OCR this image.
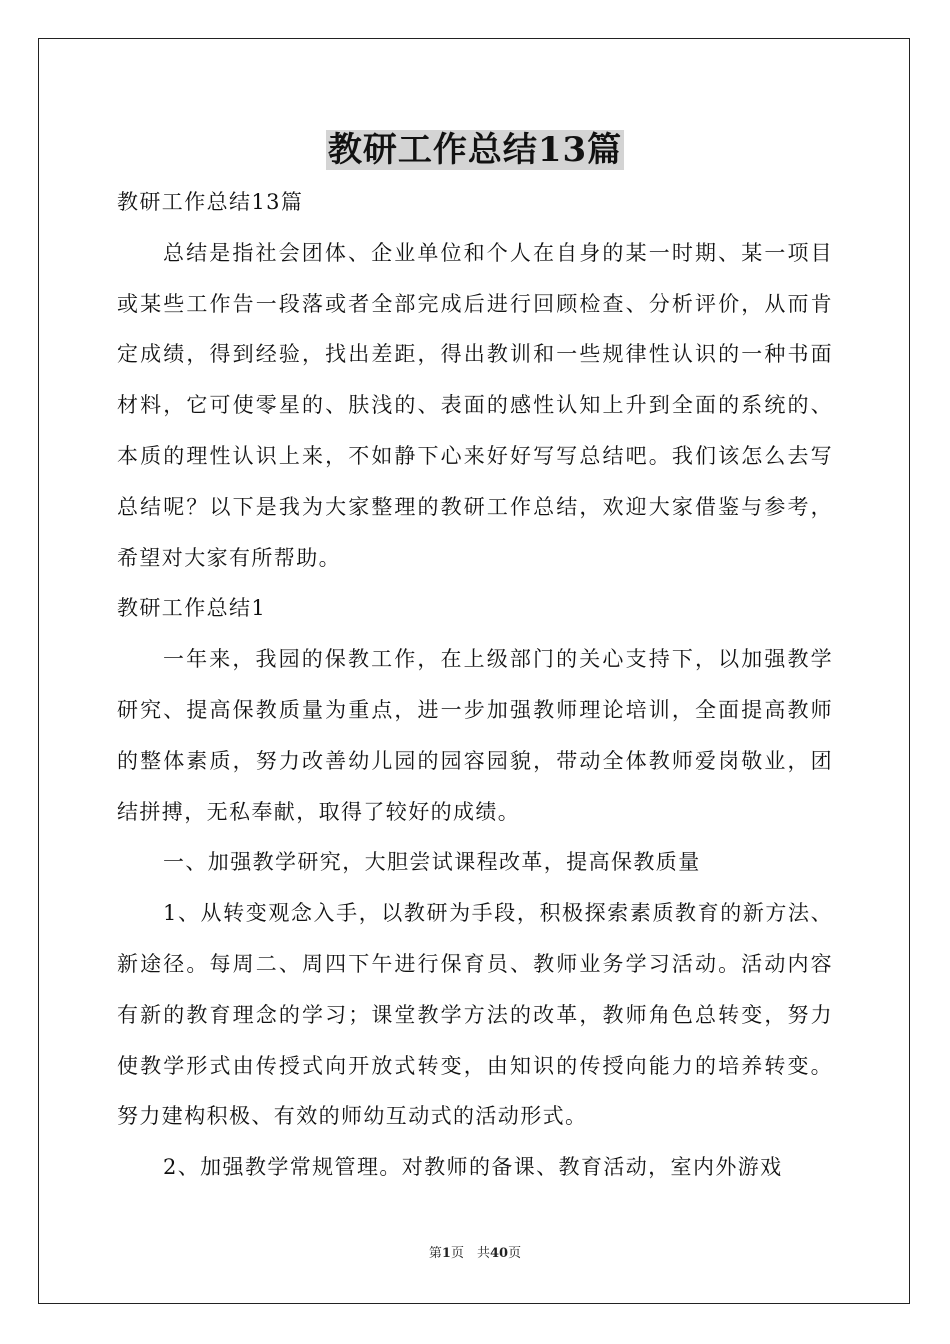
教研工作总结13篇

教研工作总结13篇

总结是指社会团体、企业单位和个人在自身的某一时期、某一项目或某些工作告一段落或者全部完成后进行回顾检查、分析评价，从而肯定成绩，得到经验，找出差距，得出教训和一些规律性认识的一种书面材料，它可使零星的、肤浅的、表面的感性认知上升到全面的系统的、本质的理性认识上来，不如静下心来好好写写总结吧。我们该怎么去写总结呢？以下是我为大家整理的教研工作总结，欢迎大家借鉴与参考，希望对大家有所帮助。

教研工作总结1

一年来，我园的保教工作，在上级部门的关心支持下，以加强教学研究、提高保教质量为重点，进一步加强教师理论培训，全面提高教师的整体素质，努力改善幼儿园的园容园貌，带动全体教师爱岗敬业，团结拼搏，无私奉献，取得了较好的成绩。

一、加强教学研究，大胆尝试课程改革，提高保教质量

1、从转变观念入手，以教研为手段，积极探索素质教育的新方法、新途径。每周二、周四下午进行保育员、教师业务学习活动。活动内容有新的教育理念的学习；课堂教学方法的改革，教师角色总转变，努力使教学形式由传授式向开放式转变，由知识的传授向能力的培养转变。努力建构积极、有效的师幼互动式的活动形式。

2、加强教学常规管理。对教师的备课、教育活动，室内外游戏

第1页　共40页
